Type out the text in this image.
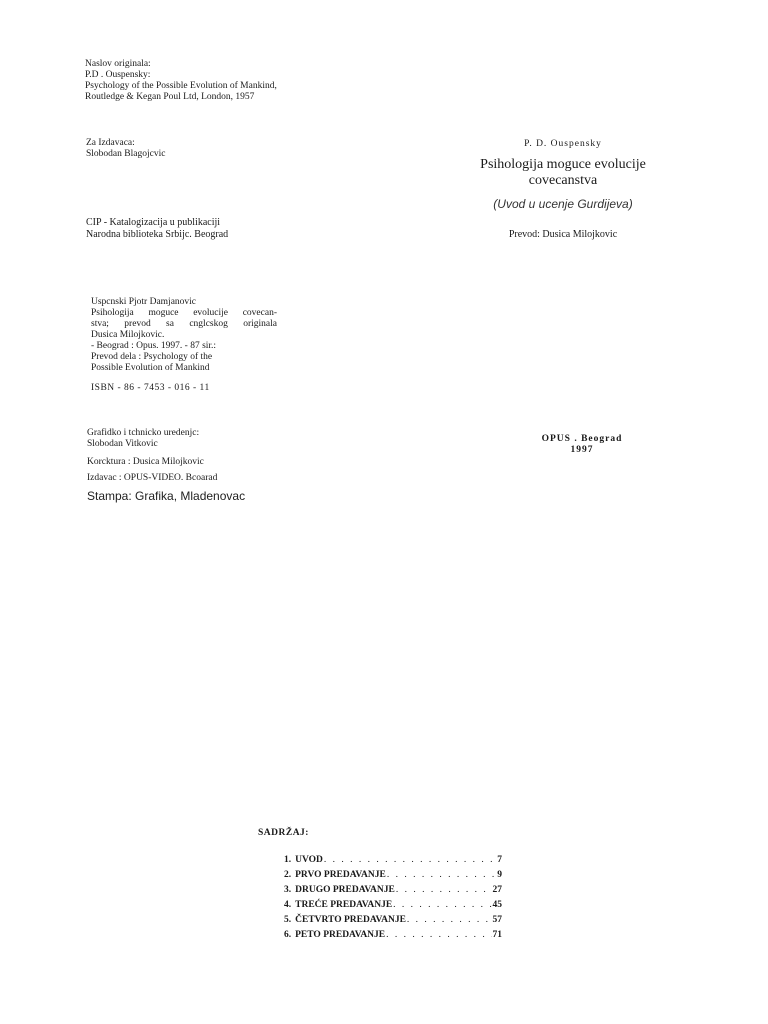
Naslov originala:
P.D . Ouspensky:
Psychology of the Possible Evolution of Mankind,
Routledge & Kegan Poul Ltd, London, 1957
Za Izdavaca:
Slobodan Blagojcvic
CIP - Katalogizacija u publikaciji
Narodna biblioteka Srbijc. Beograd
Uspcnski Pjotr Damjanovic
Psihologija moguce evolucije covecan-
stva; prevod sa cnglcskog originala
Dusica Milojkovic.
- Beograd : Opus. 1997. - 87 sir.:
Prevod dela : Psychology of the
Possible Evolution of Mankind
ISBN - 86 - 7453 - 016 - 11
Grafidko i tchnicko uredenjc:
Slobodan Vitkovic
Korcktura : Dusica Milojkovic
Izdavac : OPUS-VIDEO. Bcoarad
Stampa: Grafika, Mladenovac
P. D. Ouspensky
Psihologija moguce evolucije
covecanstva
(Uvod u ucenje Gurdijeva)
Prevod: Dusica Milojkovic
OPUS . Beograd
1997
SADRŽAJ:
1. UVOD . . .	7
2. PRVO PREDAVANJE . . .	9
3. DRUGO PREDAVANJE . . .	27
4. TREĆE PREDAVANJE . . .	45
5. ČETVRTO PREDAVANJE . . .	57
6. PETO PREDAVANJE . . .	71
